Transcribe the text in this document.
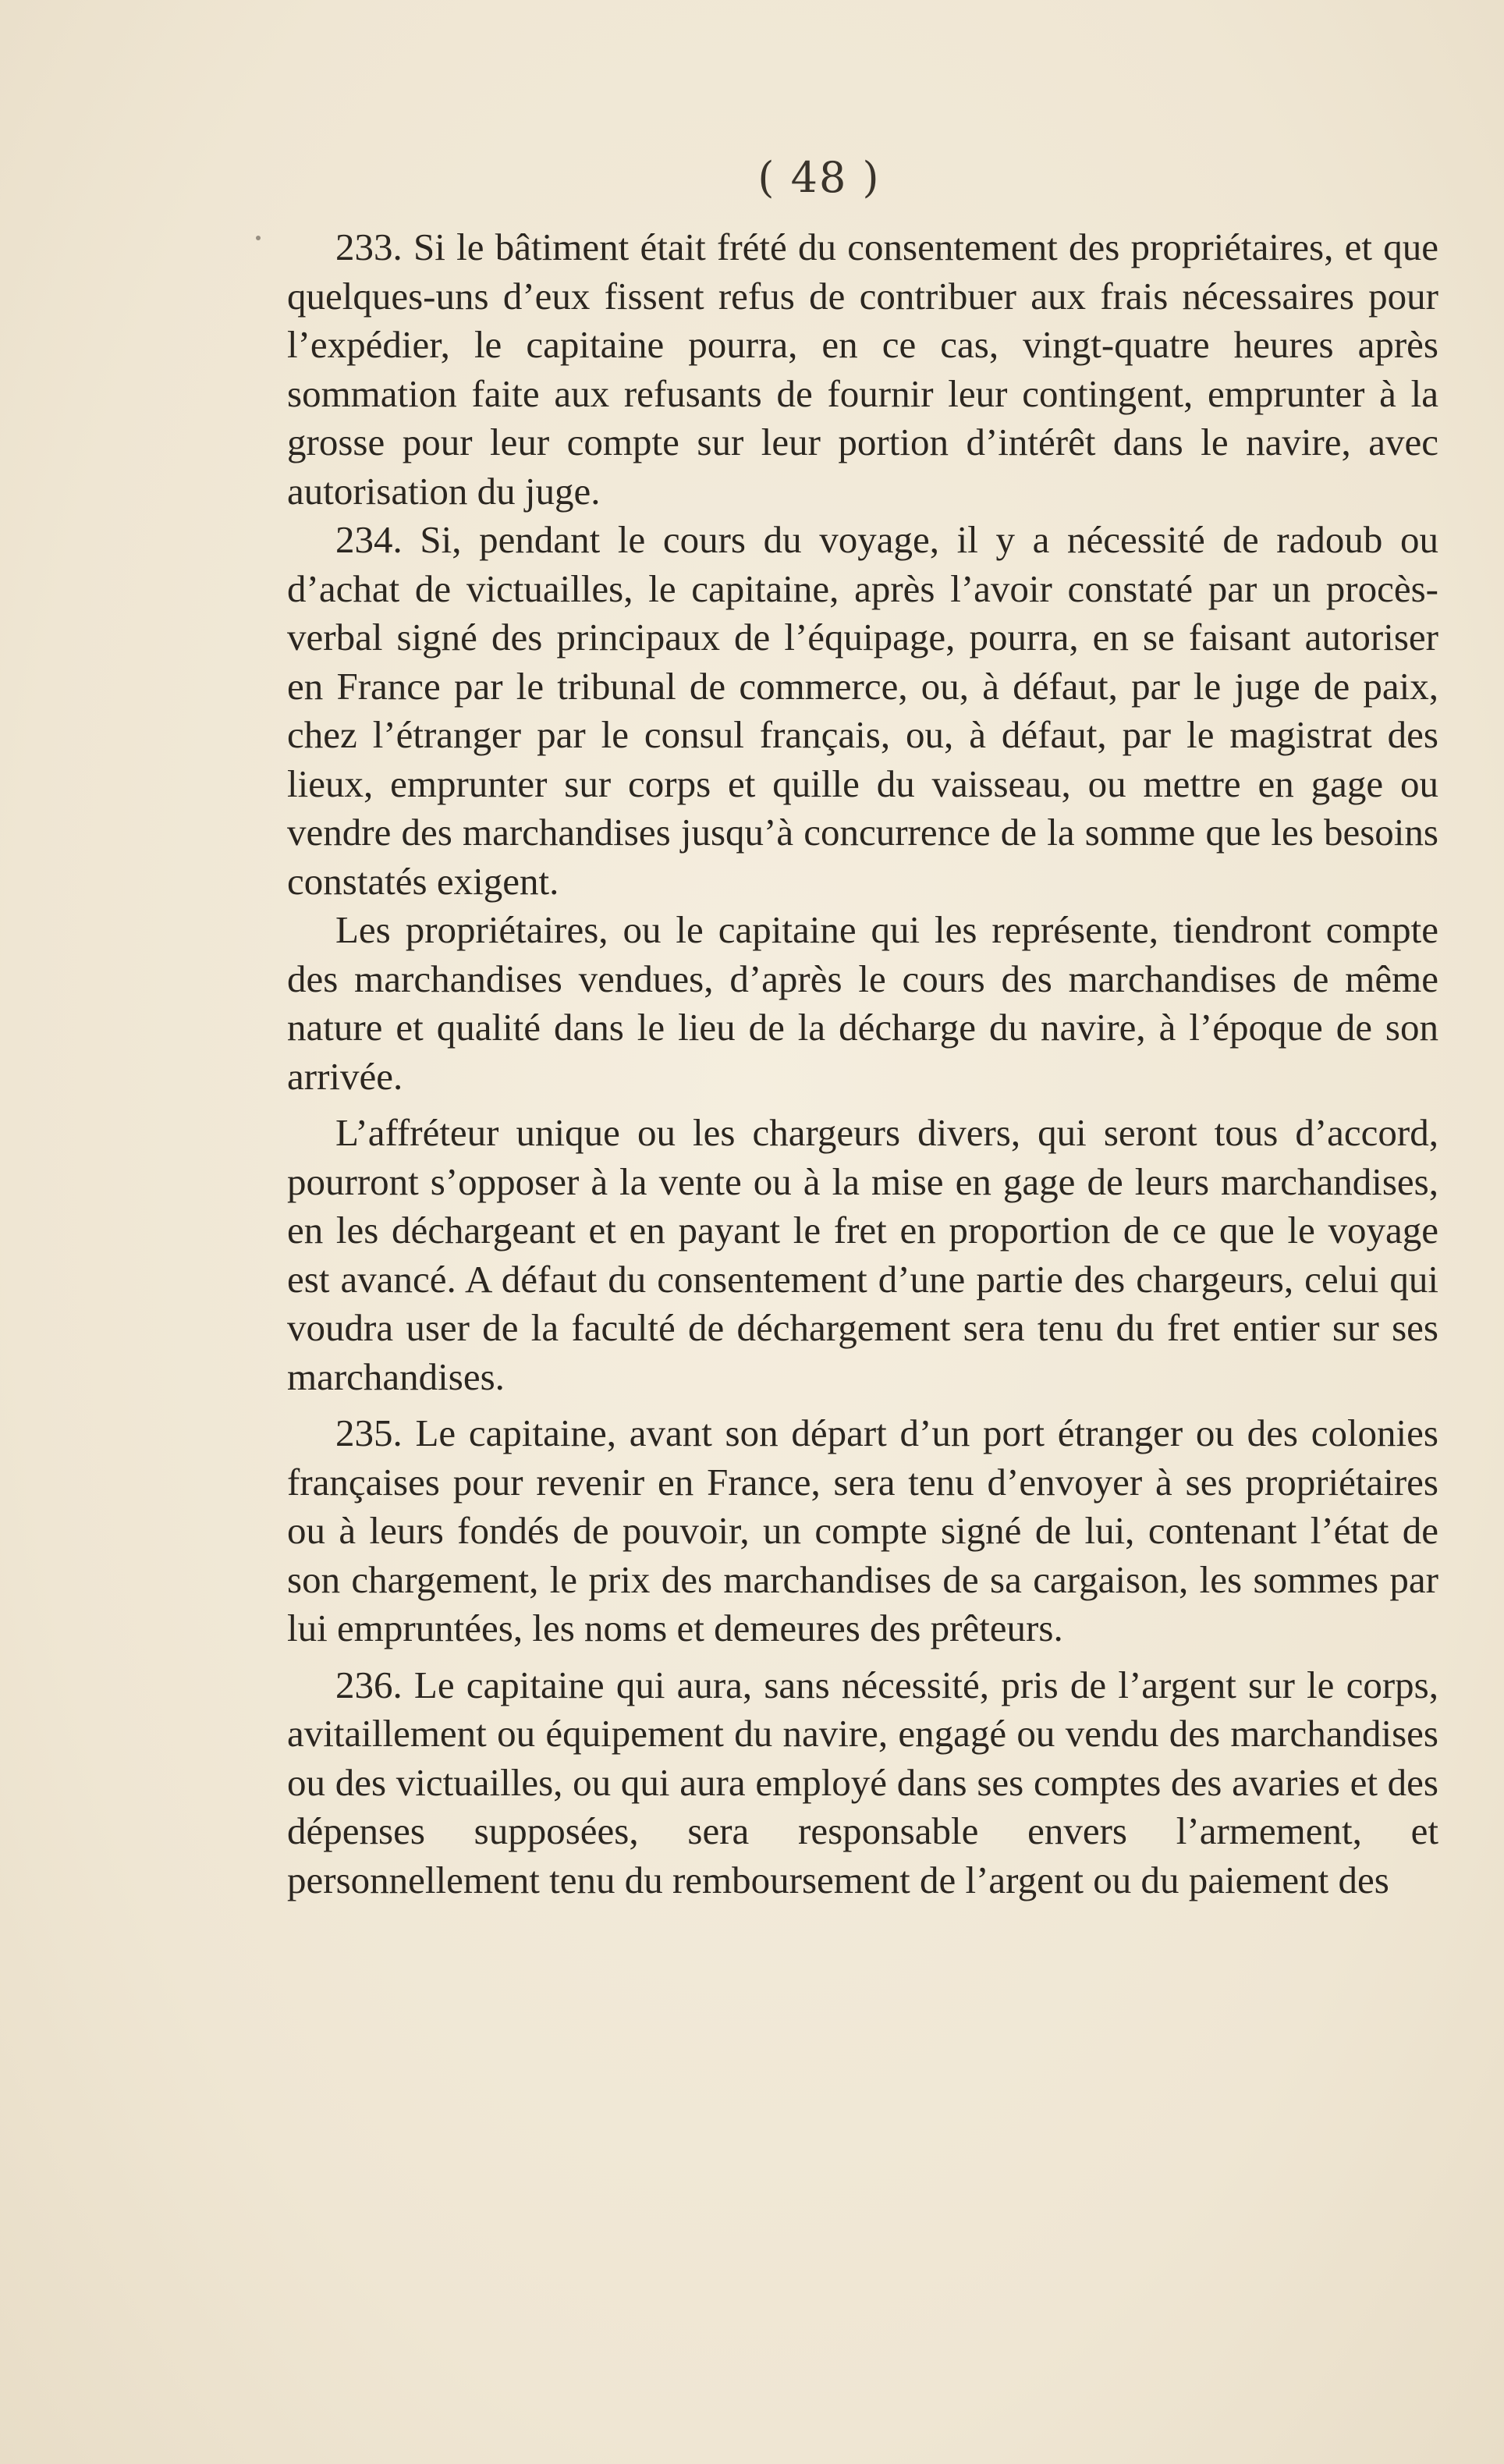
( 48 )

233. Si le bâtiment était frété du consentement des propriétaires, et que quelques-uns d’eux fissent refus de contribuer aux frais nécessaires pour l’expédier, le capitaine pourra, en ce cas, vingt-quatre heures après sommation faite aux refusants de fournir leur contingent, emprunter à la grosse pour leur compte sur leur portion d’intérêt dans le navire, avec autorisation du juge.

234. Si, pendant le cours du voyage, il y a nécessité de radoub ou d’achat de victuailles, le capitaine, après l’avoir constaté par un procès-verbal signé des principaux de l’équipage, pourra, en se faisant autoriser en France par le tribunal de commerce, ou, à défaut, par le juge de paix, chez l’étranger par le consul français, ou, à défaut, par le magistrat des lieux, emprunter sur corps et quille du vaisseau, ou mettre en gage ou vendre des marchandises jusqu’à concurrence de la somme que les besoins constatés exigent.

Les propriétaires, ou le capitaine qui les représente, tiendront compte des marchandises vendues, d’après le cours des marchandises de même nature et qualité dans le lieu de la décharge du navire, à l’époque de son arrivée.

L’affréteur unique ou les chargeurs divers, qui seront tous d’accord, pourront s’opposer à la vente ou à la mise en gage de leurs marchandises, en les déchargeant et en payant le fret en proportion de ce que le voyage est avancé. A défaut du consentement d’une partie des chargeurs, celui qui voudra user de la faculté de déchargement sera tenu du fret entier sur ses marchandises.

235. Le capitaine, avant son départ d’un port étranger ou des colonies françaises pour revenir en France, sera tenu d’envoyer à ses propriétaires ou à leurs fondés de pouvoir, un compte signé de lui, contenant l’état de son chargement, le prix des marchandises de sa cargaison, les sommes par lui empruntées, les noms et demeures des prêteurs.

236. Le capitaine qui aura, sans nécessité, pris de l’argent sur le corps, avitaillement ou équipement du navire, engagé ou vendu des marchandises ou des victuailles, ou qui aura employé dans ses comptes des avaries et des dépenses supposées, sera responsable envers l’armement, et personnellement tenu du remboursement de l’argent ou du paiement des
